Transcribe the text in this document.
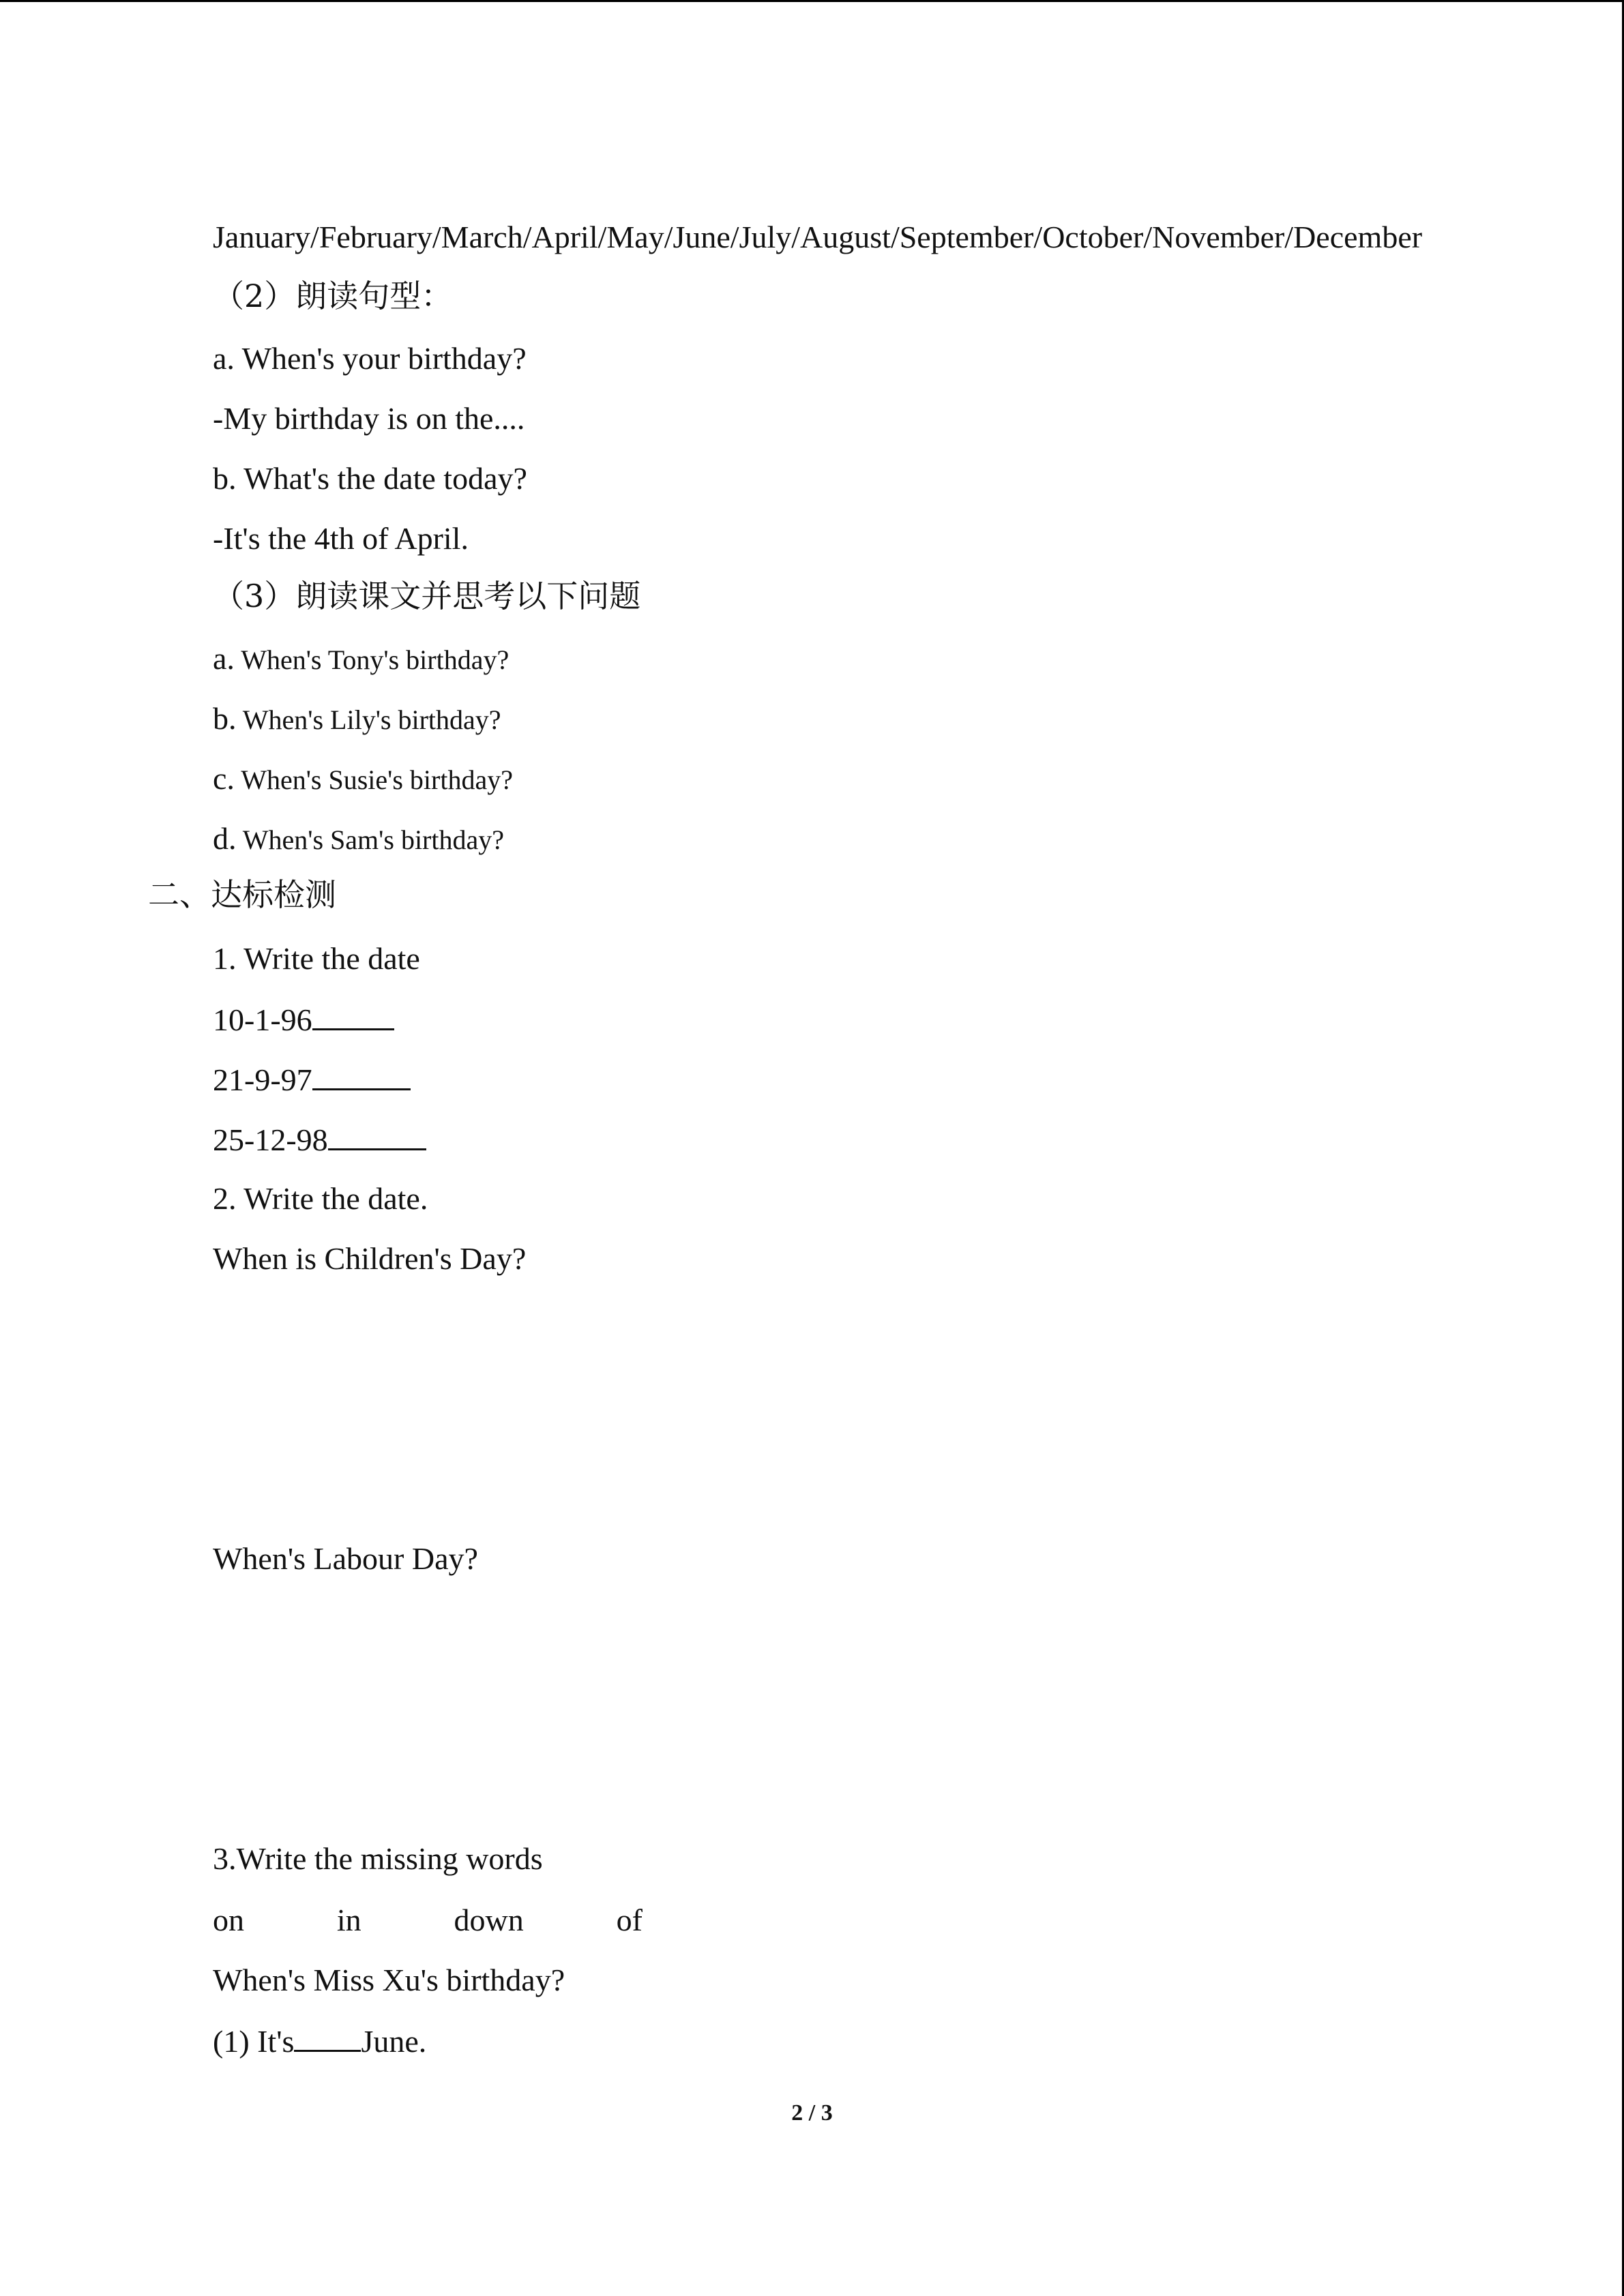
January/February/March/April/May/June/July/August/September/October/November/December
（2）朗读句型：
a. When's your birthday?
-My birthday is on the....
b. What's the date today?
-It's the 4th of April.
（3）朗读课文并思考以下问题
a. When's Tony's birthday?
b. When's Lily's birthday?
c. When's Susie's birthday?
d. When's Sam's birthday?
二、达标检测
1. Write the date
10-1-96
21-9-97
25-12-98
2. Write the date.
When is Children's Day?
When's Labour Day?
3.Write the missing words
on	in	down	of
When's Miss Xu's birthday?
(1) It's June.
2 / 3
